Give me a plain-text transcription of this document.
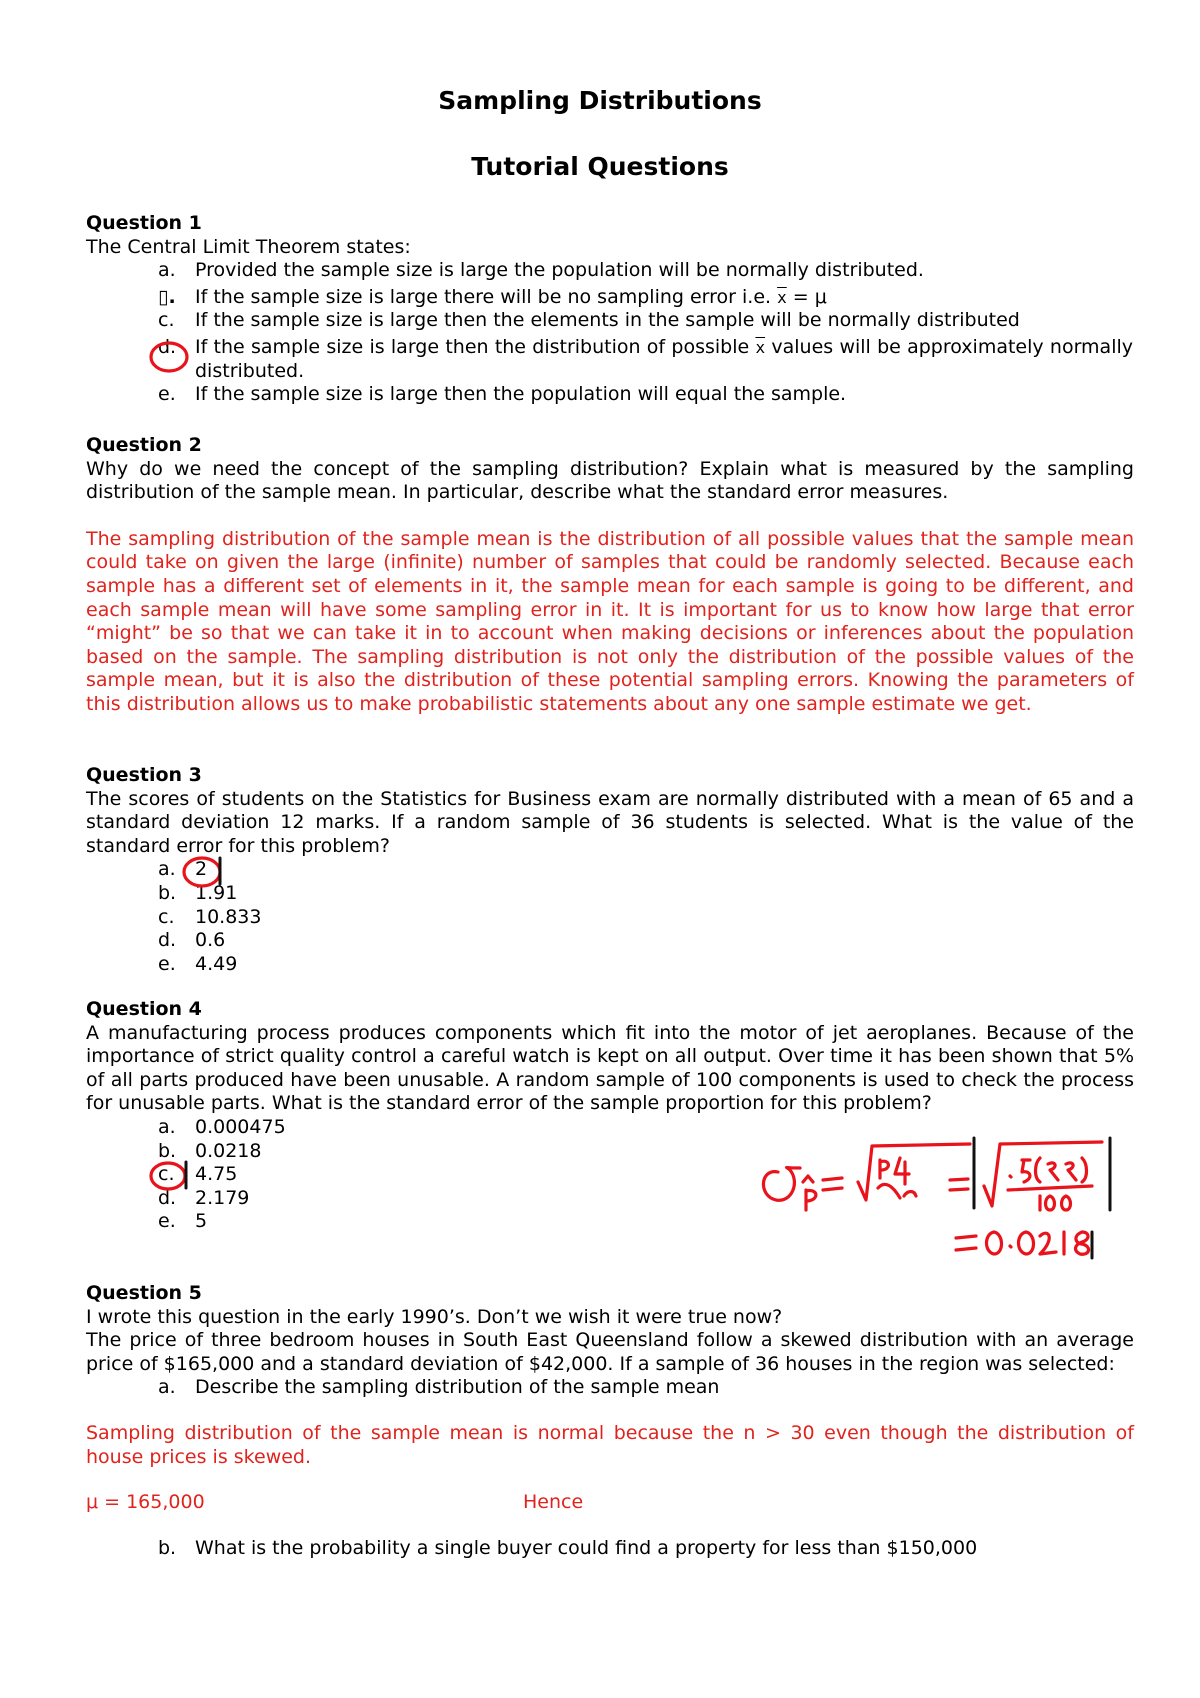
Sampling Distributions
Tutorial Questions
Question 1
The Central Limit Theorem states:
a. Provided the sample size is large the population will be normally distributed.
▯. If the sample size is large there will be no sampling error i.e. $\overline{x} = \mu$
c. If the sample size is large then the elements in the sample will be normally distributed
d. If the sample size is large then the distribution of possible $\overline{x}$ values will be approximately normally distributed.
e. If the sample size is large then the population will equal the sample.
Question 2
Why do we need the concept of the sampling distribution? Explain what is measured by the sampling distribution of the sample mean. In particular, describe what the standard error measures.
The sampling distribution of the sample mean is the distribution of all possible values that the sample mean could take on given the large (infinite) number of samples that could be randomly selected. Because each sample has a different set of elements in it, the sample mean for each sample is going to be different, and each sample mean will have some sampling error in it. It is important for us to know how large that error “might” be so that we can take it in to account when making decisions or inferences about the population based on the sample. The sampling distribution is not only the distribution of the possible values of the sample mean, but it is also the distribution of these potential sampling errors. Knowing the parameters of this distribution allows us to make probabilistic statements about any one sample estimate we get.
Question 3
The scores of students on the Statistics for Business exam are normally distributed with a mean of 65 and a standard deviation 12 marks. If a random sample of 36 students is selected. What is the value of the standard error for this problem?
a. 2
b. 1.91
c. 10.833
d. 0.6
e. 4.49
Question 4
A manufacturing process produces components which fit into the motor of jet aeroplanes. Because of the importance of strict quality control a careful watch is kept on all output. Over time it has been shown that 5% of all parts produced have been unusable. A random sample of 100 components is used to check the process for unusable parts. What is the standard error of the sample proportion for this problem?
a. 0.000475
b. 0.0218
c. 4.75
d. 2.179
e. 5
Question 5
I wrote this question in the early 1990’s. Don’t we wish it were true now?
The price of three bedroom houses in South East Queensland follow a skewed distribution with an average price of $165,000 and a standard deviation of $42,000. If a sample of 36 houses in the region was selected:
a. Describe the sampling distribution of the sample mean
Sampling distribution of the sample mean is normal because the n > 30 even though the distribution of house prices is skewed.
μ = 165,000	Hence
b. What is the probability a single buyer could find a property for less than $150,000
